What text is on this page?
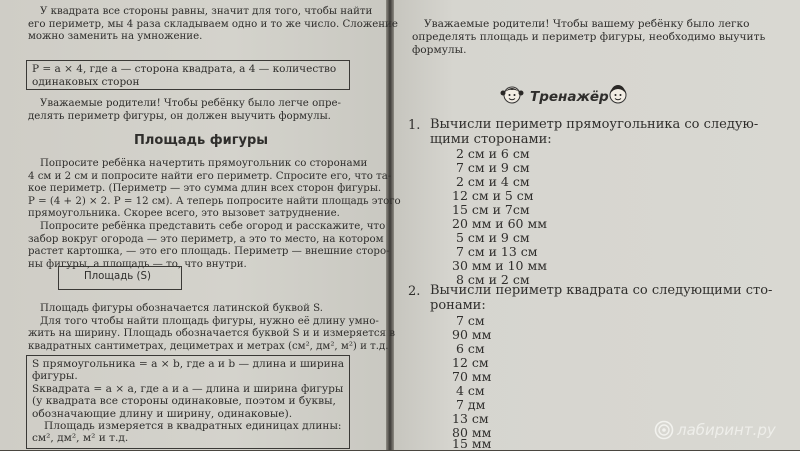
У квадрата все стороны равны, значит для того, чтобы найти
его периметр, мы 4 раза складываем одно и то же число. Сложение
можно заменить на умножение.
P = a × 4, где a — сторона квадрата, а 4 — количество
одинаковых сторон
Уважаемые родители! Чтобы ребёнку было легче опре-
делять периметр фигуры, он должен выучить формулы.
Площадь фигуры
Попросите ребёнка начертить прямоугольник со сторонами
4 см и 2 см и попросите найти его периметр. Спросите его, что та-
кое периметр. (Периметр — это сумма длин всех сторон фигуры.
P = (4 + 2) × 2. P = 12 см). А теперь попросите найти площадь этого
прямоугольника. Скорее всего, это вызовет затруднение.
Попросите ребёнка представить себе огород и расскажите, что
забор вокруг огорода — это периметр, а это то место, на котором
растет картошка, — это его площадь. Периметр — внешние сторо-
ны фигуры, а площадь — то, что внутри.
Площадь (S)
Площадь фигуры обозначается латинской буквой S.
Для того чтобы найти площадь фигуры, нужно её длину умно-
жить на ширину. Площадь обозначается буквой S и и измеряется в
квадратных сантиметрах, дециметрах и метрах (см², дм², м²) и т.д.
S прямоугольника = a × b, где a и b — длина и ширина
фигуры.
Sквадрата = a × a, где a и a — длина и ширина фигуры
(у квадрата все стороны одинаковые, поэтом и буквы,
обозначающие длину и ширину, одинаковые).
Площадь измеряется в квадратных единицах длины:
см², дм², м² и т.д.
Уважаемые родители! Чтобы вашему ребёнку было легко
определять площадь и периметр фигуры, необходимо выучить
формулы.
Тренажёр
1. Вычисли периметр прямоугольника со следую-
щими сторонами:
2 см и 6 см
7 см и 9 см
2 см и 4 см
12 см и 5 см
15 см и 7см
20 мм и 60 мм
5 см и 9 см
7 см и 13 см
30 мм и 10 мм
8 см и 2 см
2. Вычисли периметр квадрата со следующими сто-
ронами:
7 см
90 мм
6 см
12 см
70 мм
4 см
7 дм
13 см
80 мм
15 мм
лабиринт.ру
